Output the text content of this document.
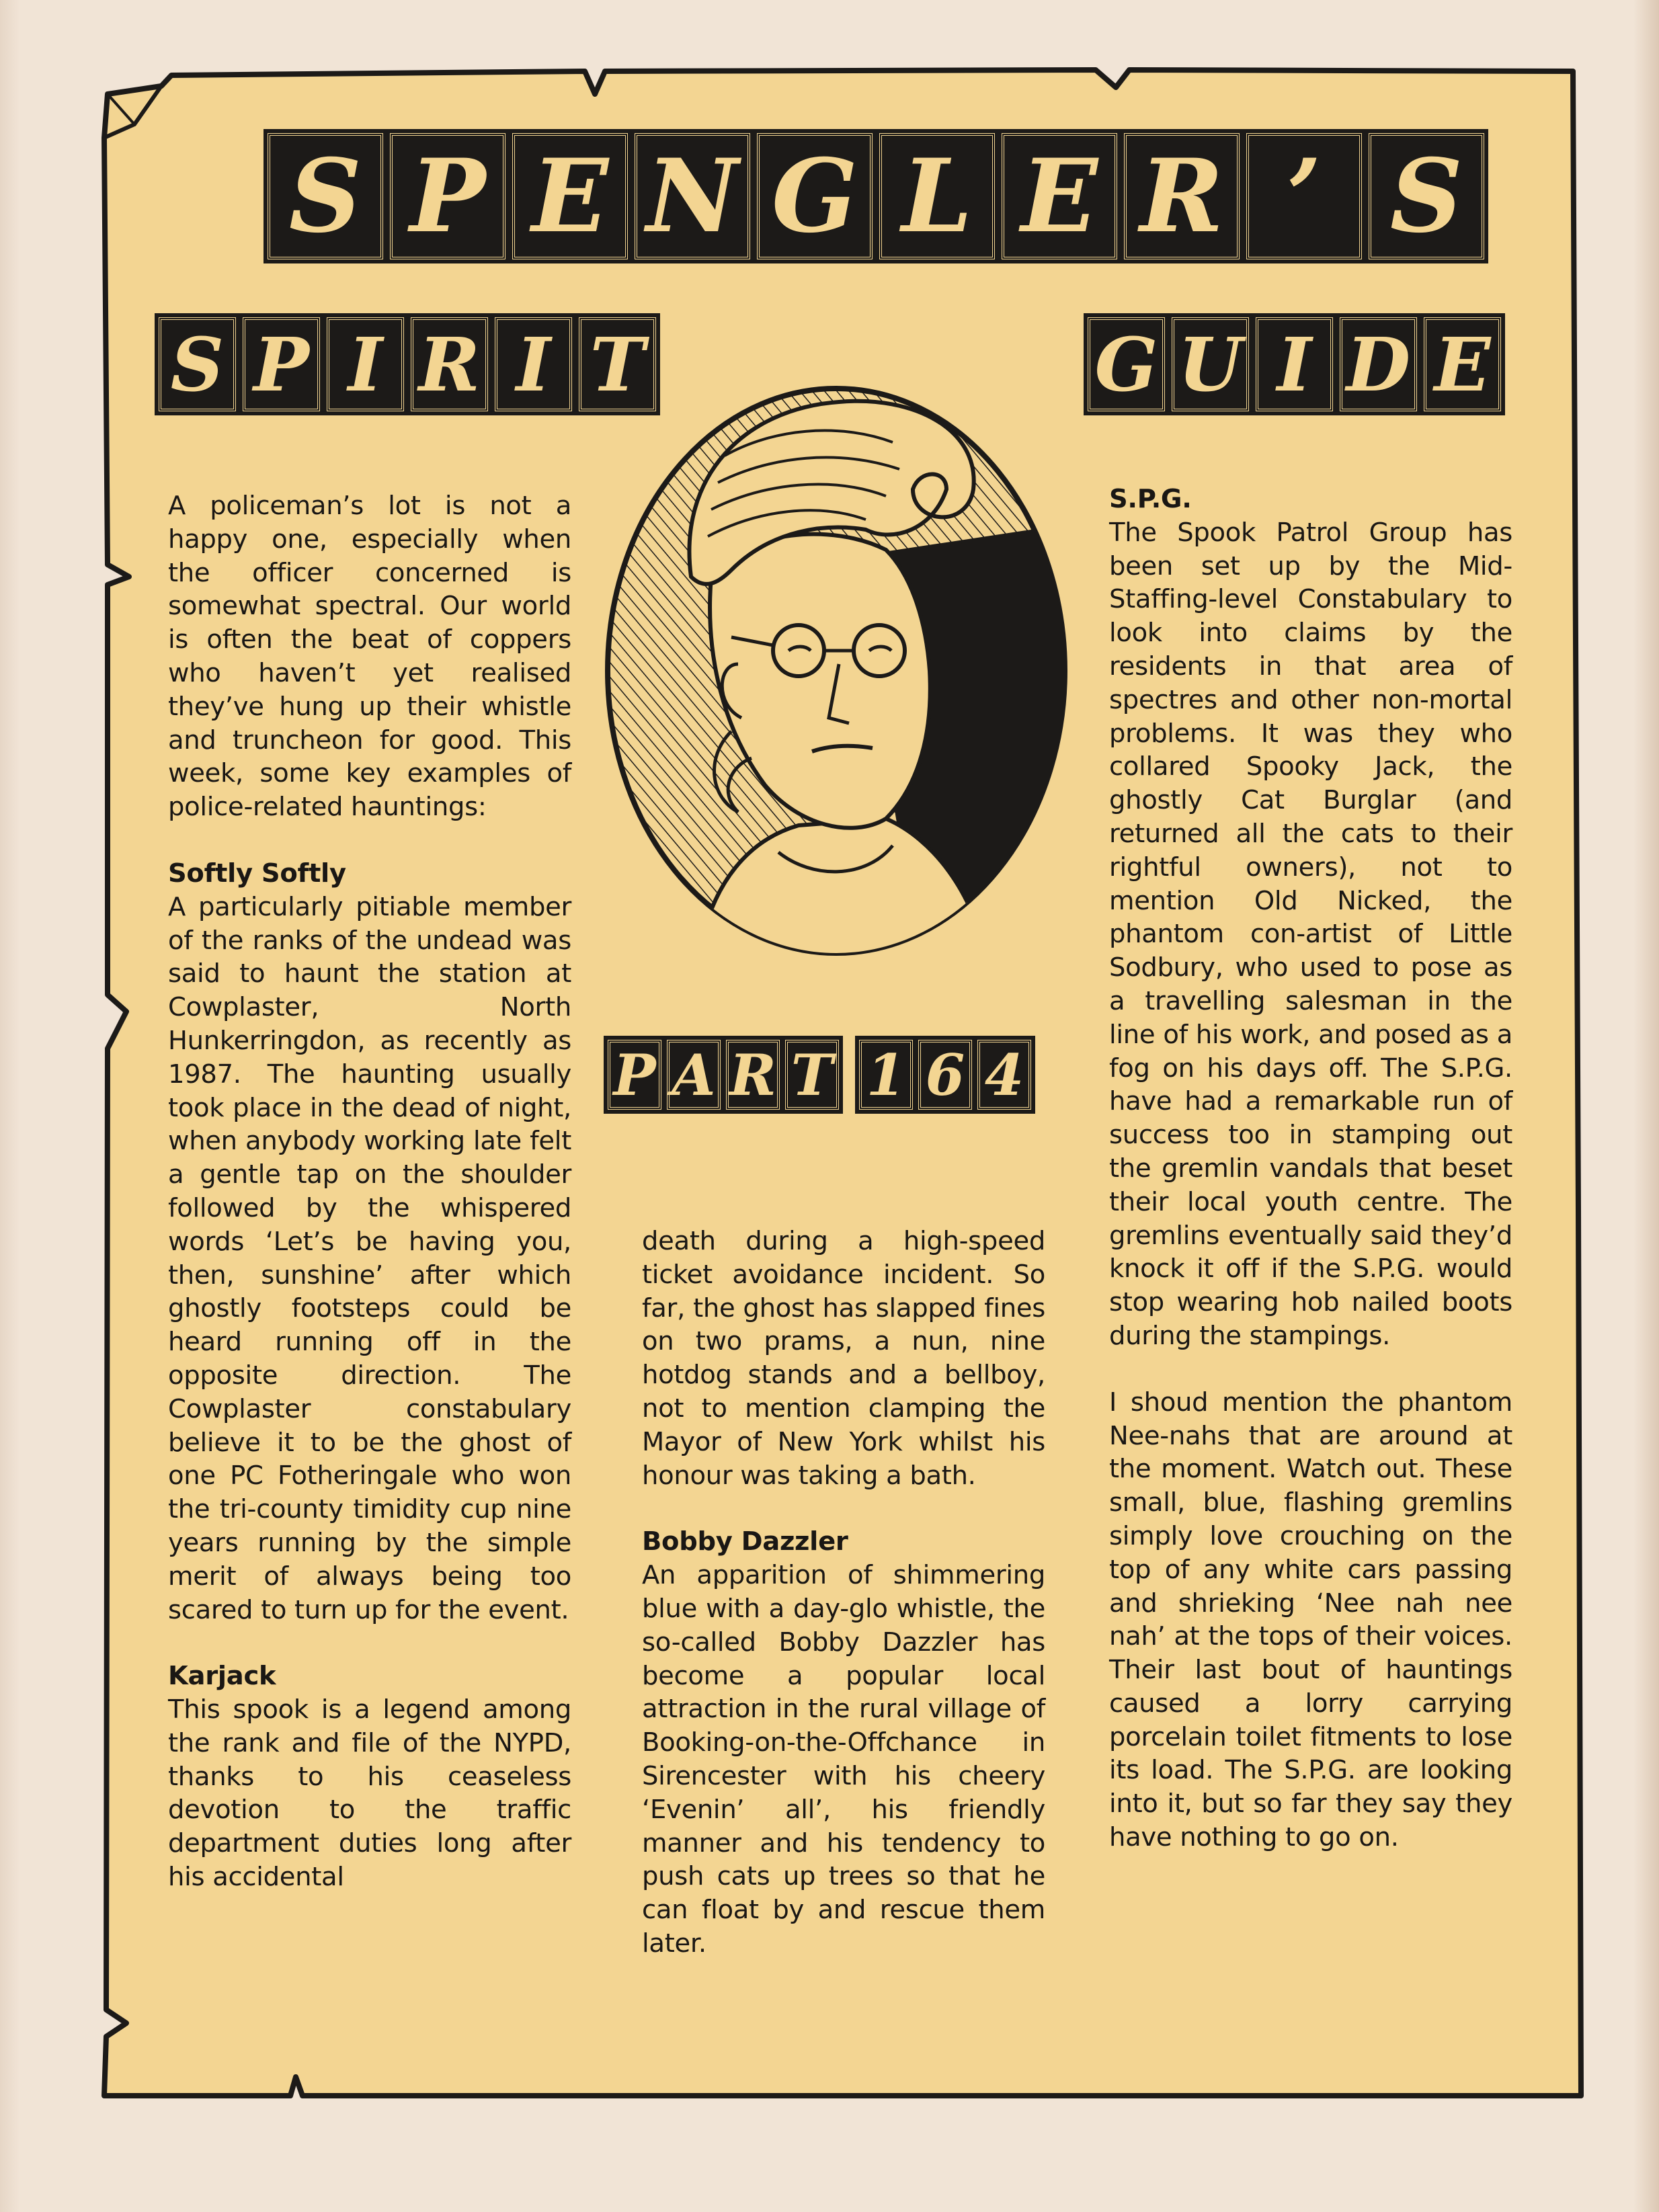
S P E N G L E R ’ S
S P I R I T	G U I D E
P A R T 1 6 4

A policeman’s lot is not a happy one, especially when the officer concerned is somewhat spectral. Our world is often the beat of coppers who haven’t yet realised they’ve hung up their whistle and truncheon for good. This week, some key examples of police-related hauntings:

Softly Softly

A particularly pitiable member of the ranks of the undead was said to haunt the station at Cowplaster, North Hunkerringdon, as recently as 1987. The haunting usually took place in the dead of night, when anybody working late felt a gentle tap on the shoulder followed by the whispered words ‘Let’s be having you, then, sunshine’ after which ghostly footsteps could be heard running off in the opposite direction. The Cowplaster constabulary believe it to be the ghost of one PC Fotheringale who won the tri-county timidity cup nine years running by the simple merit of always being too scared to turn up for the event.

Karjack

This spook is a legend among the rank and file of the NYPD, thanks to his ceaseless devotion to the traffic department duties long after his accidental

death during a high-speed ticket avoidance incident. So far, the ghost has slapped fines on two prams, a nun, nine hotdog stands and a bellboy, not to mention clamping the Mayor of New York whilst his honour was taking a bath.

Bobby Dazzler

An apparition of shimmering blue with a day-glo whistle, the so-called Bobby Dazzler has become a popular local attraction in the rural village of Booking-on-the-Offchance in Sirencester with his cheery ‘Evenin’ all’, his friendly manner and his tendency to push cats up trees so that he can float by and rescue them later.

S.P.G.

The Spook Patrol Group has been set up by the Mid-Staffing-level Constabulary to look into claims by the residents in that area of spectres and other non-mortal problems. It was they who collared Spooky Jack, the ghostly Cat Burglar (and returned all the cats to their rightful owners), not to mention Old Nicked, the phantom con-artist of Little Sodbury, who used to pose as a travelling salesman in the line of his work, and posed as a fog on his days off. The S.P.G. have had a remarkable run of success too in stamping out the gremlin vandals that beset their local youth centre. The gremlins eventually said they’d knock it off if the S.P.G. would stop wearing hob nailed boots during the stampings.

I shoud mention the phantom Nee-nahs that are around at the moment. Watch out. These small, blue, flashing gremlins simply love crouching on the top of any white cars passing and shrieking ‘Nee nah nee nah’ at the tops of their voices. Their last bout of hauntings caused a lorry carrying porcelain toilet fitments to lose its load. The S.P.G. are looking into it, but so far they say they have nothing to go on.
